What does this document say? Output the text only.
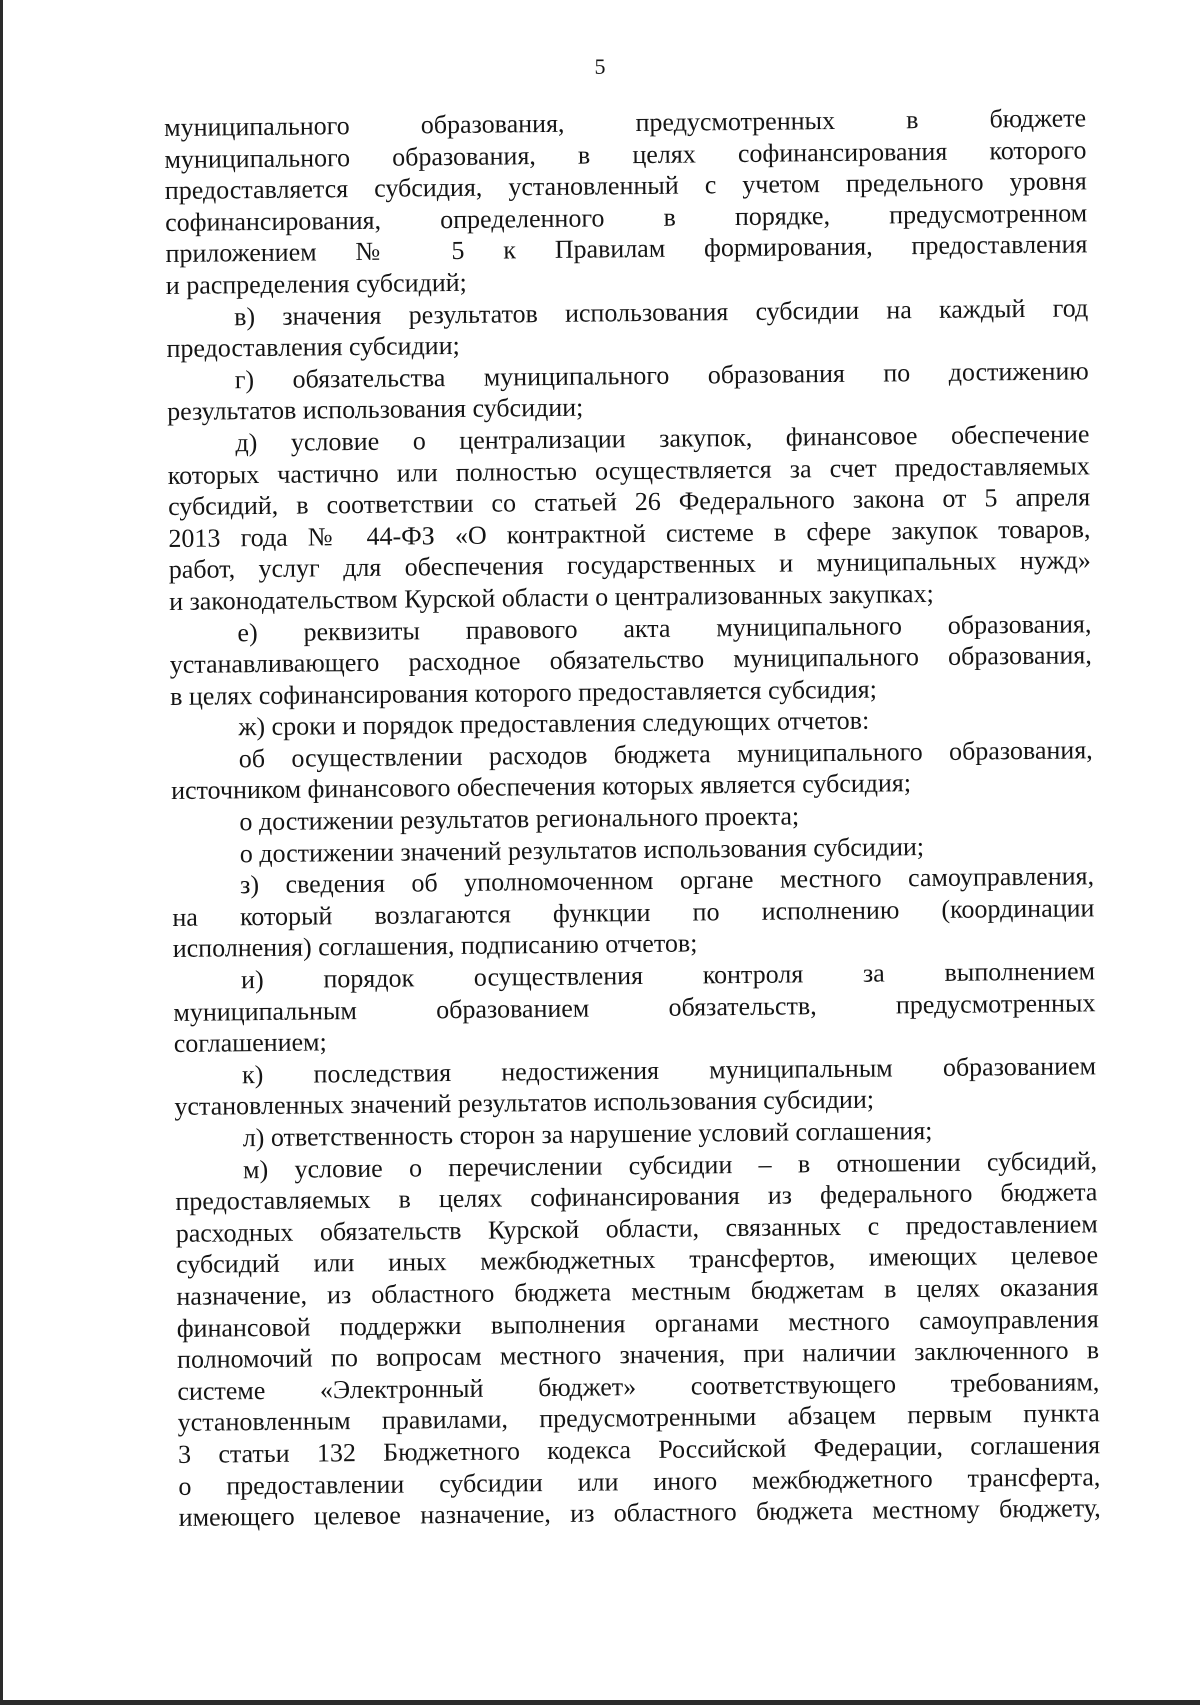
5
муниципального образования, предусмотренных в бюджете
муниципального образования, в целях софинансирования которого
предоставляется субсидия, установленный с учетом предельного уровня
софинансирования, определенного в порядке, предусмотренном
приложением № 5 к Правилам формирования, предоставления
и распределения субсидий;
в) значения результатов использования субсидии на каждый год
предоставления субсидии;
г) обязательства муниципального образования по достижению
результатов использования субсидии;
д) условие о централизации закупок, финансовое обеспечение
которых частично или полностью осуществляется за счет предоставляемых
субсидий, в соответствии со статьей 26 Федерального закона от 5 апреля
2013 года № 44-ФЗ «О контрактной системе в сфере закупок товаров,
работ, услуг для обеспечения государственных и муниципальных нужд»
и законодательством Курской области о централизованных закупках;
е) реквизиты правового акта муниципального образования,
устанавливающего расходное обязательство муниципального образования,
в целях софинансирования которого предоставляется субсидия;
ж) сроки и порядок предоставления следующих отчетов:
об осуществлении расходов бюджета муниципального образования,
источником финансового обеспечения которых является субсидия;
о достижении результатов регионального проекта;
о достижении значений результатов использования субсидии;
з) сведения об уполномоченном органе местного самоуправления,
на который возлагаются функции по исполнению (координации
исполнения) соглашения, подписанию отчетов;
и) порядок осуществления контроля за выполнением
муниципальным образованием обязательств, предусмотренных
соглашением;
к) последствия недостижения муниципальным образованием
установленных значений результатов использования субсидии;
л) ответственность сторон за нарушение условий соглашения;
м) условие о перечислении субсидии – в отношении субсидий,
предоставляемых в целях софинансирования из федерального бюджета
расходных обязательств Курской области, связанных с предоставлением
субсидий или иных межбюджетных трансфертов, имеющих целевое
назначение, из областного бюджета местным бюджетам в целях оказания
финансовой поддержки выполнения органами местного самоуправления
полномочий по вопросам местного значения, при наличии заключенного в
системе «Электронный бюджет» соответствующего требованиям,
установленным правилами, предусмотренными абзацем первым пункта
3 статьи 132 Бюджетного кодекса Российской Федерации, соглашения
о предоставлении субсидии или иного межбюджетного трансферта,
имеющего целевое назначение, из областного бюджета местному бюджету,
